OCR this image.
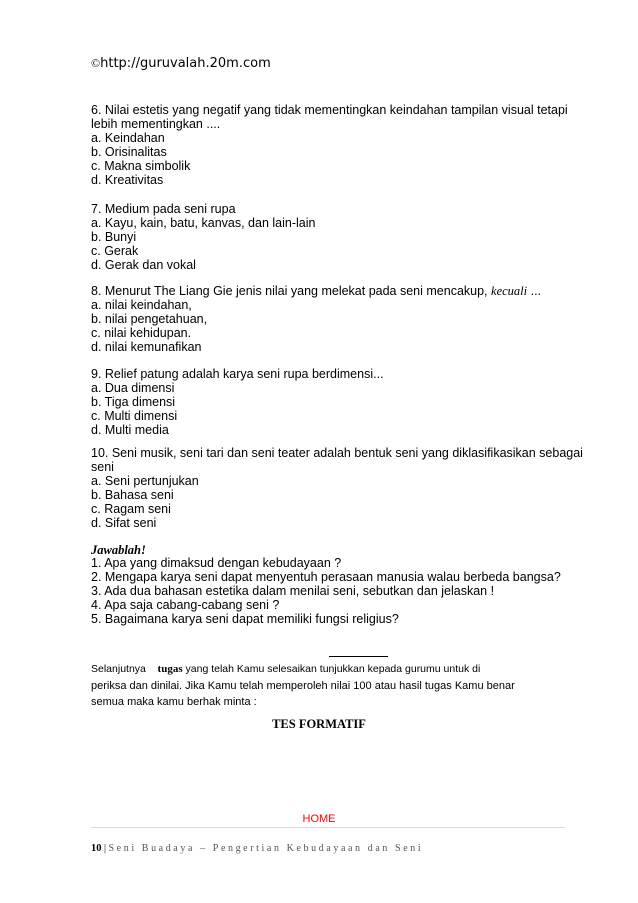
©http://guruvalah.20m.com
6. Nilai estetis yang negatif yang tidak mementingkan keindahan tampilan visual tetapi
lebih mementingkan ....
a. Keindahan
b. Orisinalitas
c. Makna simbolik
d. Kreativitas
7. Medium pada seni rupa
a. Kayu, kain, batu, kanvas, dan lain-lain
b. Bunyi
c. Gerak
d. Gerak dan vokal
8. Menurut The Liang Gie jenis nilai yang melekat pada seni mencakup, kecuali ...
a. nilai keindahan,
b. nilai pengetahuan,
c. nilai kehidupan.
d. nilai kemunafikan
9. Relief patung adalah karya seni rupa berdimensi...
a. Dua dimensi
b. Tiga dimensi
c. Multi dimensi
d. Multi media
10. Seni musik, seni tari dan seni teater adalah bentuk seni yang diklasifikasikan sebagai
seni
a. Seni pertunjukan
b. Bahasa seni
c. Ragam seni
d. Sifat seni
Jawablah!
1. Apa yang dimaksud dengan kebudayaan ?
2. Mengapa karya seni dapat menyentuh perasaan manusia walau berbeda bangsa?
3. Ada dua bahasan estetika dalam menilai seni, sebutkan dan jelaskan !
4. Apa saja cabang-cabang seni ?
5. Bagaimana karya seni dapat memiliki fungsi religius?
Selanjutnya tugas yang telah Kamu selesaikan tunjukkan kepada gurumu untuk di
periksa dan dinilai. Jika Kamu telah memperoleh nilai 100 atau hasil tugas Kamu benar
semua maka kamu berhak minta :
TES FORMATIF
HOME
10 | Seni Buadaya – Pengertian Kebudayaan dan Seni
